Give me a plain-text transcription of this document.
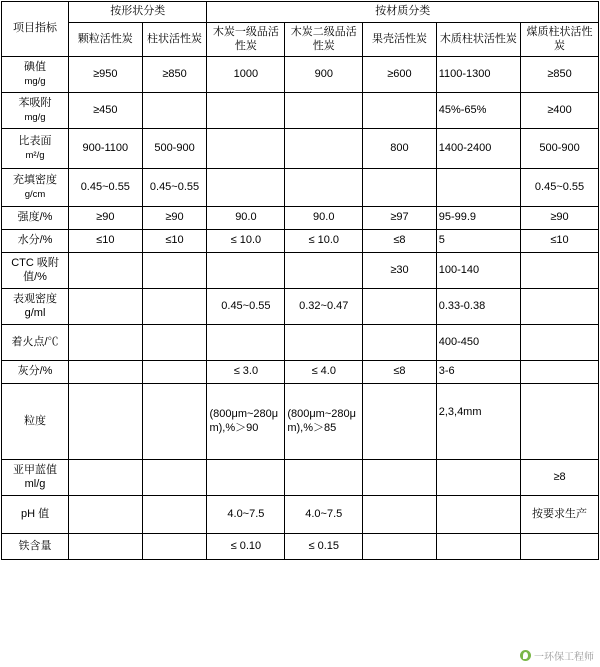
项目指标	按形状分类		按材质分类				
	颗粒活性炭	柱状活性炭	木炭一级品活性炭	木炭二级品活性炭	果壳活性炭	木质柱状活性炭	煤质柱状活性炭
碘值
mg/g	≥950	≥850	1000	900	≥600	1100-1300	≥850
苯吸附
mg/g	≥450					45%-65%	≥400
比表面
m²/g	900-1100	500-900			800	1400-2400	500-900
充填密度
g/cm	0.45~0.55	0.45~0.55					0.45~0.55
强度/%	≥90	≥90	90.0	90.0	≥97	95-99.9	≥90
水分/%	≤10	≤10	≤ 10.0	≤ 10.0	≤8	5	≤10
CTC 吸附值/%					≥30	100-140	
表观密度 g/ml			0.45~0.55	0.32~0.47		0.33-0.38	
着火点/℃						400-450	
灰分/%			≤ 3.0	≤ 4.0	≤8	3-6	
粒度			(800μm~280μm),%＞90	(800μm~280μm),%＞85		2,3,4mm	
亚甲蓝值 ml/g							≥8
pH 值			4.0~7.5	4.0~7.5			按要求生产
铁含量			≤ 0.10	≤ 0.15			
一环保工程师
